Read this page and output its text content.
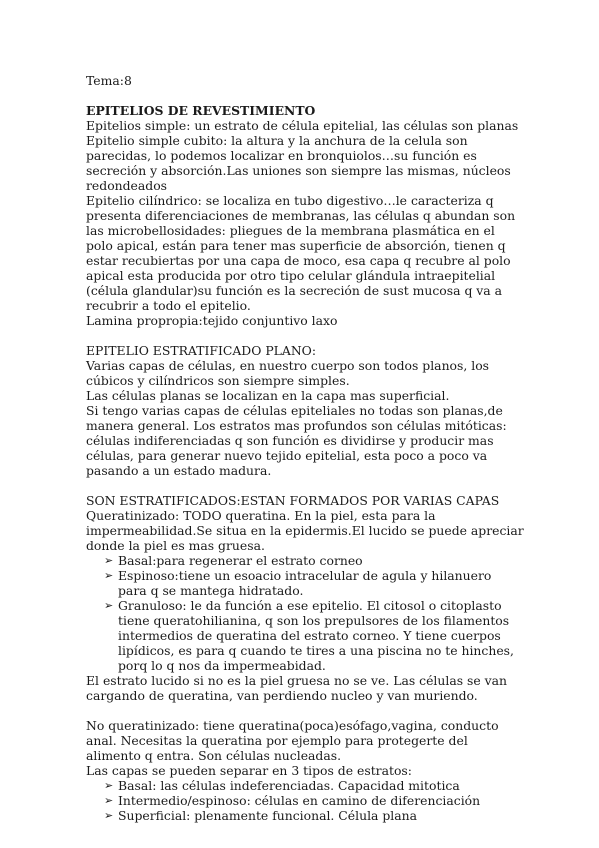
Tema:8
EPITELIOS DE REVESTIMIENTO
Epitelios simple: un estrato de célula epitelial, las células son planas
Epitelio simple cubito: la altura y la anchura de la celula son
parecidas, lo podemos localizar en bronquiolos…su función es
secreción y absorción.Las uniones son siempre las mismas, núcleos
redondeados
Epitelio cilíndrico: se localiza en tubo digestivo…le caracteriza q
presenta diferenciaciones de membranas, las células q abundan son
las microbellosidades: pliegues de la membrana plasmática en el
polo apical, están para tener mas superficie de absorción, tienen q
estar recubiertas por una capa de moco, esa capa q recubre al polo
apical esta producida por otro tipo celular glándula intraepitelial
(célula glandular)su función es la secreción de sust mucosa q va a
recubrir a todo el epitelio.
Lamina propropia:tejido conjuntivo laxo
EPITELIO ESTRATIFICADO PLANO:
Varias capas de células, en nuestro cuerpo son todos planos, los
cúbicos y cilíndricos son siempre simples.
Las células planas se localizan en la capa mas superficial.
Si tengo varias capas de células epiteliales no todas son planas,de
manera general. Los estratos mas profundos son células mitóticas:
células indiferenciadas q son función es dividirse y producir mas
células, para generar nuevo tejido epitelial, esta poco a poco va
pasando a un estado madura.
SON ESTRATIFICADOS:ESTAN FORMADOS POR VARIAS CAPAS
Queratinizado: TODO queratina. En la piel, esta para la
impermeabilidad.Se situa en la epidermis.El lucido se puede apreciar
donde la piel es mas gruesa.
➢ Basal:para regenerar el estrato corneo
➢ Espinoso:tiene un esoacio intracelular de agula y hilanuero
para q se mantega hidratado.
➢ Granuloso: le da función a ese epitelio. El citosol o citoplasto
tiene queratohilianina, q son los prepulsores de los filamentos
intermedios de queratina del estrato corneo. Y tiene cuerpos
lipídicos, es para q cuando te tires a una piscina no te hinches,
porq lo q nos da impermeabidad.
El estrato lucido si no es la piel gruesa no se ve. Las células se van
cargando de queratina, van perdiendo nucleo y van muriendo.
No queratinizado: tiene queratina(poca)esófago,vagina, conducto
anal. Necesitas la queratina por ejemplo para protegerte del
alimento q entra. Son células nucleadas.
Las capas se pueden separar en 3 tipos de estratos:
➢ Basal: las células indeferenciadas. Capacidad mitotica
➢ Intermedio/espinoso: células en camino de diferenciación
➢ Superficial: plenamente funcional. Célula plana
